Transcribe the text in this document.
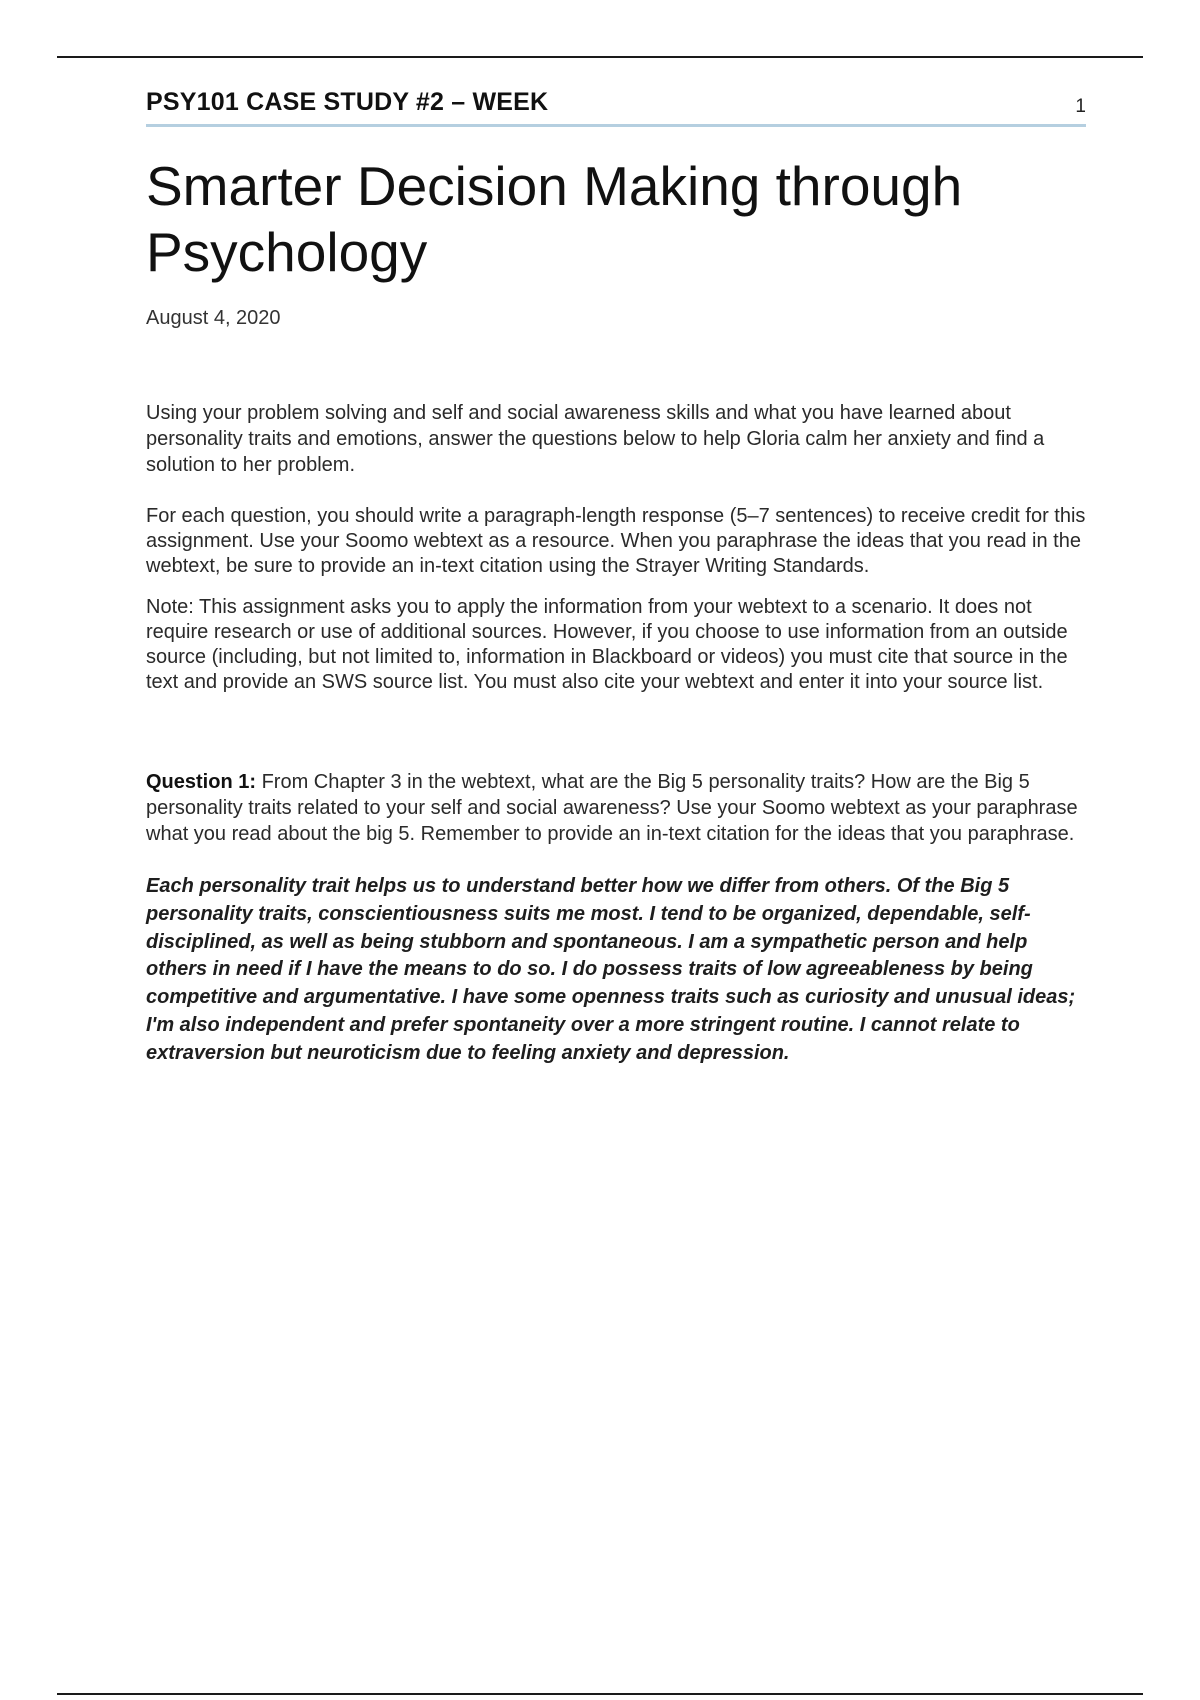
PSY101 CASE STUDY #2 – WEEK	1
Smarter Decision Making through
Psychology

August 4, 2020

Using your problem solving and self and social awareness skills and what you have learned about personality traits and emotions, answer the questions below to help Gloria calm her anxiety and find a solution to her problem.

For each question, you should write a paragraph-length response (5–7 sentences) to receive credit for this assignment. Use your Soomo webtext as a resource. When you paraphrase the ideas that you read in the webtext, be sure to provide an in-text citation using the Strayer Writing Standards.

Note: This assignment asks you to apply the information from your webtext to a scenario. It does not require research or use of additional sources. However, if you choose to use information from an outside source (including, but not limited to, information in Blackboard or videos) you must cite that source in the text and provide an SWS source list. You must also cite your webtext and enter it into your source list.

Question 1: From Chapter 3 in the webtext, what are the Big 5 personality traits? How are the Big 5 personality traits related to your self and social awareness? Use your Soomo webtext as your paraphrase what you read about the big 5. Remember to provide an in-text citation for the ideas that you paraphrase.

Each personality trait helps us to understand better how we differ from others. Of the Big 5 personality traits, conscientiousness suits me most. I tend to be organized, dependable, self-disciplined, as well as being stubborn and spontaneous. I am a sympathetic person and help others in need if I have the means to do so. I do possess traits of low agreeableness by being competitive and argumentative. I have some openness traits such as curiosity and unusual ideas; I'm also independent and prefer spontaneity over a more stringent routine. I cannot relate to extraversion but neuroticism due to feeling anxiety and depression.
